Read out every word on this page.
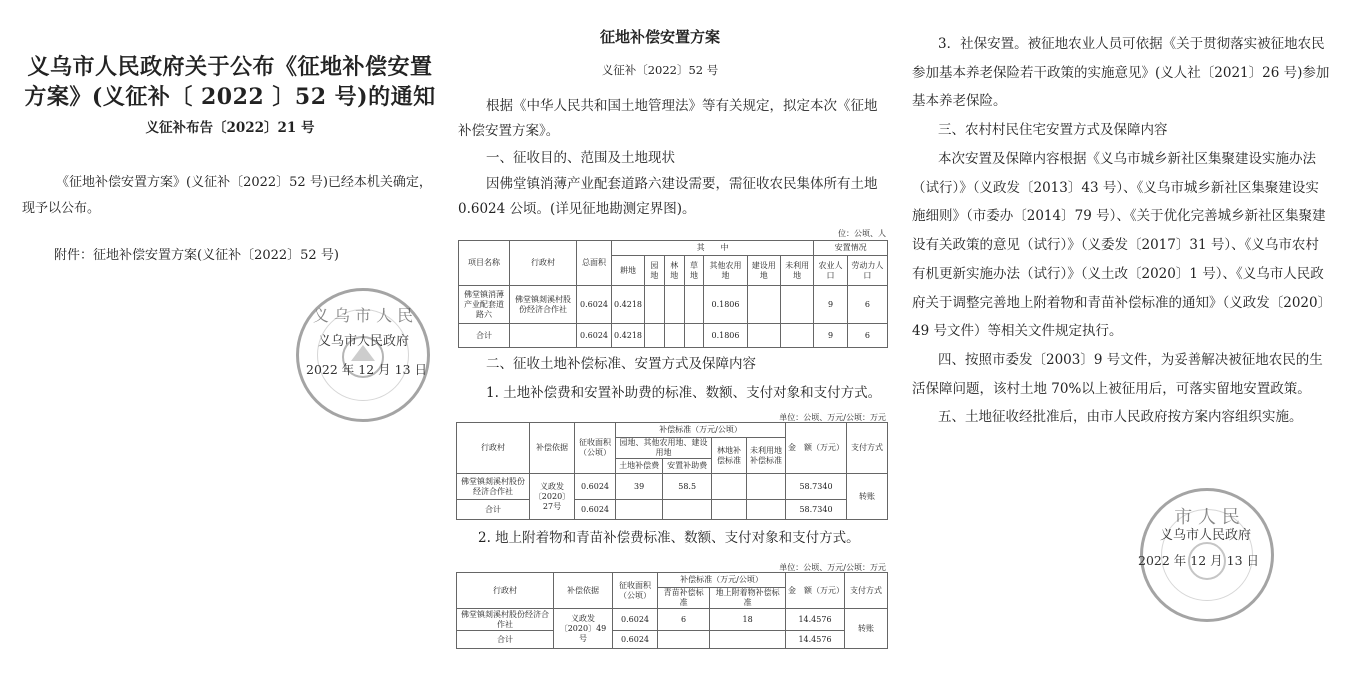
义乌市人民政府关于公布《征地补偿安置
方案》(义征补〔 2022 〕52 号)的通知
义征补布告〔2022〕21 号
《征地补偿安置方案》(义征补〔2022〕52 号)已经本机关确定，现予以公布。
附件：征地补偿安置方案(义征补〔2022〕52 号)
义 乌 市 人 民
义乌市人民政府
2022 年 12 月 13 日
征地补偿安置方案
义征补〔2022〕52 号
根据《中华人民共和国土地管理法》等有关规定，拟定本次《征地补偿安置方案》。
一、征收目的、范围及土地现状
因佛堂镇消薄产业配套道路六建设需要，需征收农民集体所有土地 0.6024 公顷。(详见征地勘测定界图)。
位：公顷、人
项目名称	行政村	总面积	其　　中							安置情况	
			耕地	园地	林地	草地	其他农用地	建设用地	未利用地	农业人口	劳动力人口
佛堂镇消薄产业配套道路六	佛堂镇剡溪村股份经济合作社	0.6024	0.4218				0.1806			9	6
合计		0.6024	0.4218				0.1806			9	6
二、征收土地补偿标准、安置方式及保障内容
1. 土地补偿费和安置补助费的标准、数额、支付对象和支付方式。
单位：公顷、万元/公顷：万元
行政村	补偿依据	征收面积（公顷）	补偿标准（万元/公顷）				金　额（万元）	支付方式
			园地、其他农用地、建设用地		林地补偿标准	未利用地补偿标准		
			土地补偿费	安置补助费				
佛堂镇剡溪村股份经济合作社	义政发〔2020〕27号	0.6024	39	58.5			58.7340	转账
合计		0.6024					58.7340	
2. 地上附着物和青苗补偿费标准、数额、支付对象和支付方式。
单位：公顷、万元/公顷：万元
行政村	补偿依据	征收面积（公顷）	补偿标准（万元/公顷）		金　额（万元）	支付方式
			青苗补偿标准	地上附着物补偿标准		
佛堂镇剡溪村股份经济合作社	义政发〔2020〕49号	0.6024	6	18	14.4576	转账
合计		0.6024			14.4576	
3．社保安置。被征地农业人员可依据《关于贯彻落实被征地农民参加基本养老保险若干政策的实施意见》(义人社〔2021〕26 号)参加基本养老保险。
三、农村村民住宅安置方式及保障内容
本次安置及保障内容根据《义乌市城乡新社区集聚建设实施办法（试行）》（义政发〔2013〕43 号）、《义乌市城乡新社区集聚建设实施细则》（市委办〔2014〕79 号）、《关于优化完善城乡新社区集聚建设有关政策的意见（试行）》（义委发〔2017〕31 号）、《义乌市农村有机更新实施办法（试行）》（义土改〔2020〕1 号）、《义乌市人民政府关于调整完善地上附着物和青苗补偿标准的通知》（义政发〔2020〕49 号文件）等相关文件规定执行。
四、按照市委发〔2003〕9 号文件，为妥善解决被征地农民的生活保障问题，该村土地 70%以上被征用后，可落实留地安置政策。
五、土地征收经批准后，由市人民政府按方案内容组织实施。
市 人 民
义乌市人民政府
2022 年 12 月 13 日
